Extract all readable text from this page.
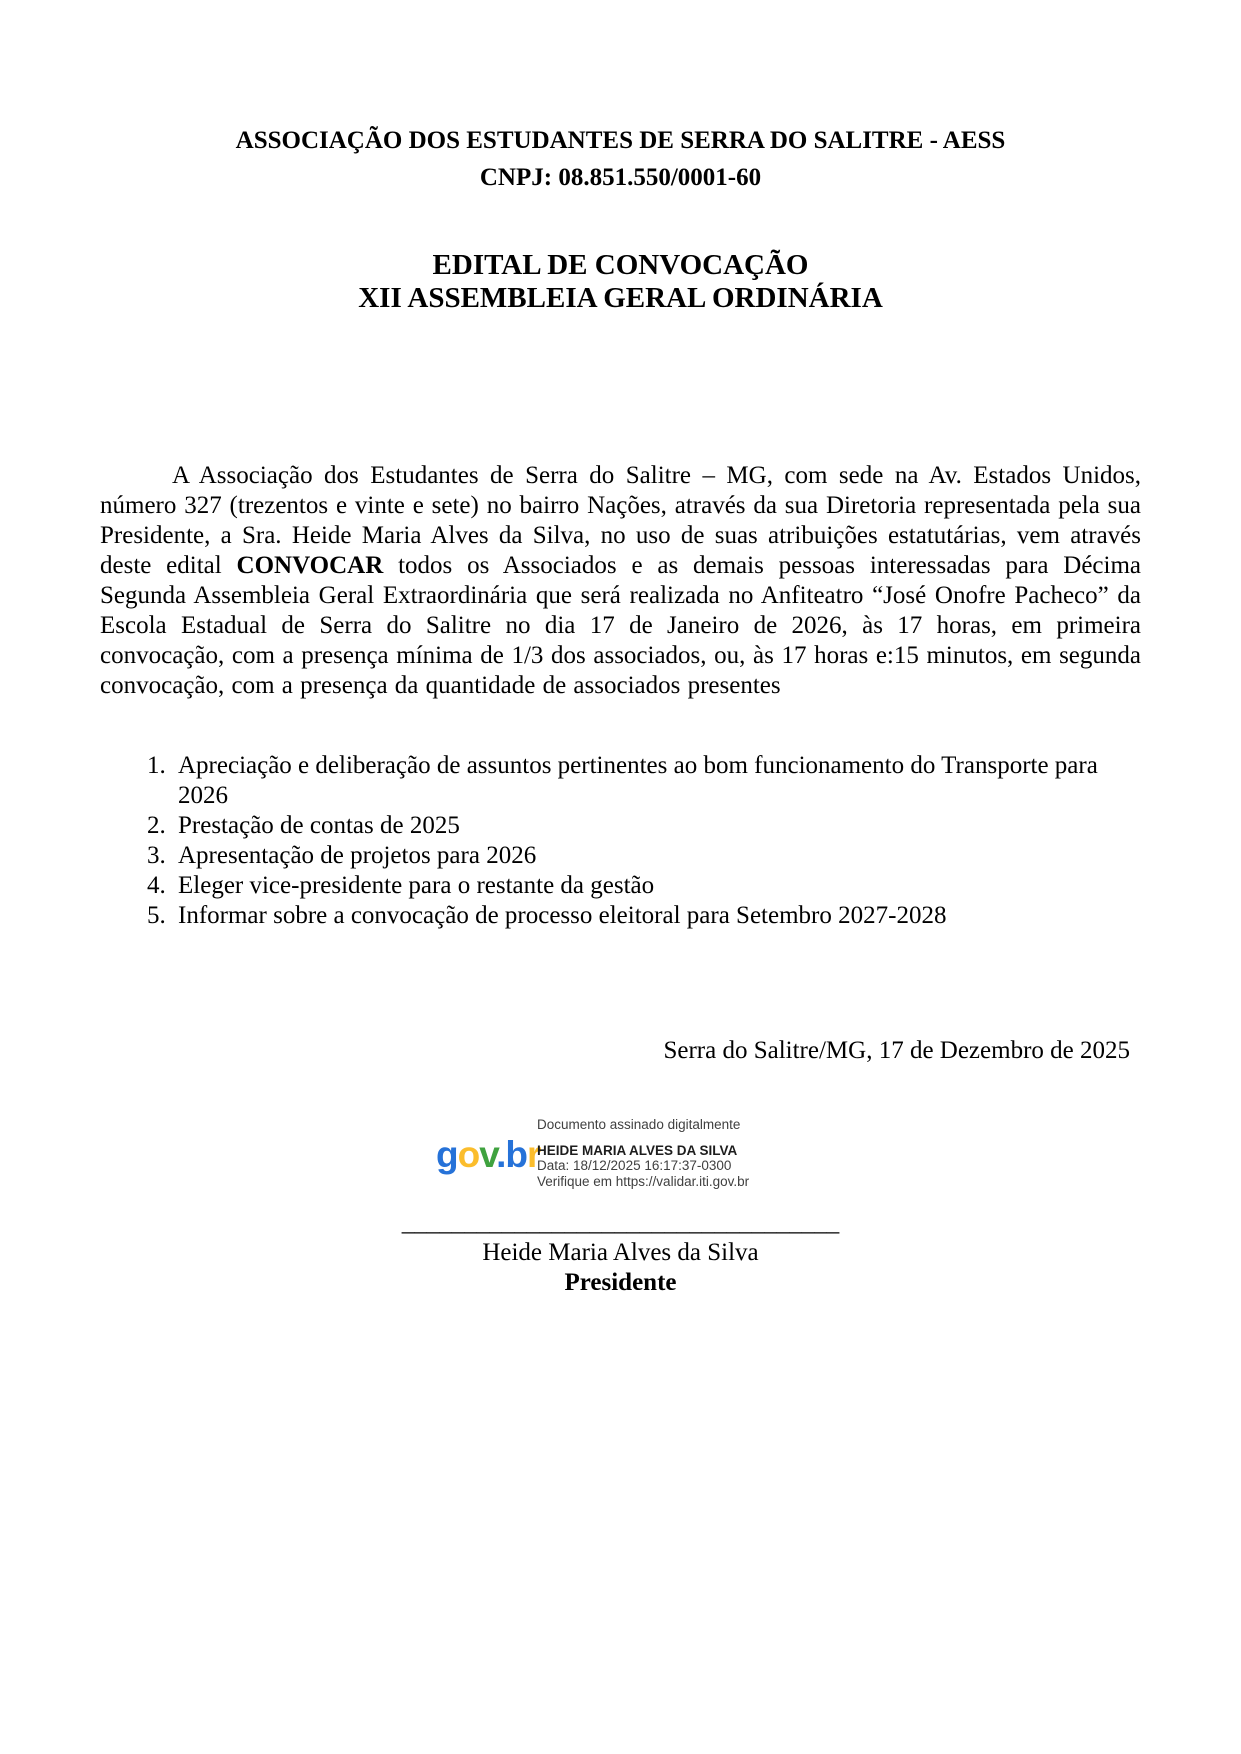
ASSOCIAÇÃO DOS ESTUDANTES DE SERRA DO SALITRE - AESS
CNPJ: 08.851.550/0001-60
EDITAL DE CONVOCAÇÃO
XII ASSEMBLEIA GERAL ORDINÁRIA

A Associação dos Estudantes de Serra do Salitre – MG, com sede na Av. Estados Unidos, número 327 (trezentos e vinte e sete) no bairro Nações, através da sua Diretoria representada pela sua Presidente, a Sra. Heide Maria Alves da Silva, no uso de suas atribuições estatutárias, vem através deste edital CONVOCAR todos os Associados e as demais pessoas interessadas para Décima Segunda Assembleia Geral Extraordinária que será realizada no Anfiteatro “José Onofre Pacheco” da Escola Estadual de Serra do Salitre no dia 17 de Janeiro de 2026, às 17 horas, em primeira convocação, com a presença mínima de 1/3 dos associados, ou, às 17 horas e:15 minutos, em segunda convocação, com a presença da quantidade de associados presentes

1. Apreciação e deliberação de assuntos pertinentes ao bom funcionamento do Transporte para 2026
2. Prestação de contas de 2025
3. Apresentação de projetos para 2026
4. Eleger vice-presidente para o restante da gestão
5. Informar sobre a convocação de processo eleitoral para Setembro 2027-2028
Serra do Salitre/MG, 17 de Dezembro de 2025
gov.br
Documento assinado digitalmente
HEIDE MARIA ALVES DA SILVA
Data: 18/12/2025 16:17:37-0300
Verifique em https://validar.iti.gov.br
___________________________________
Heide Maria Alves da Silva
Presidente
